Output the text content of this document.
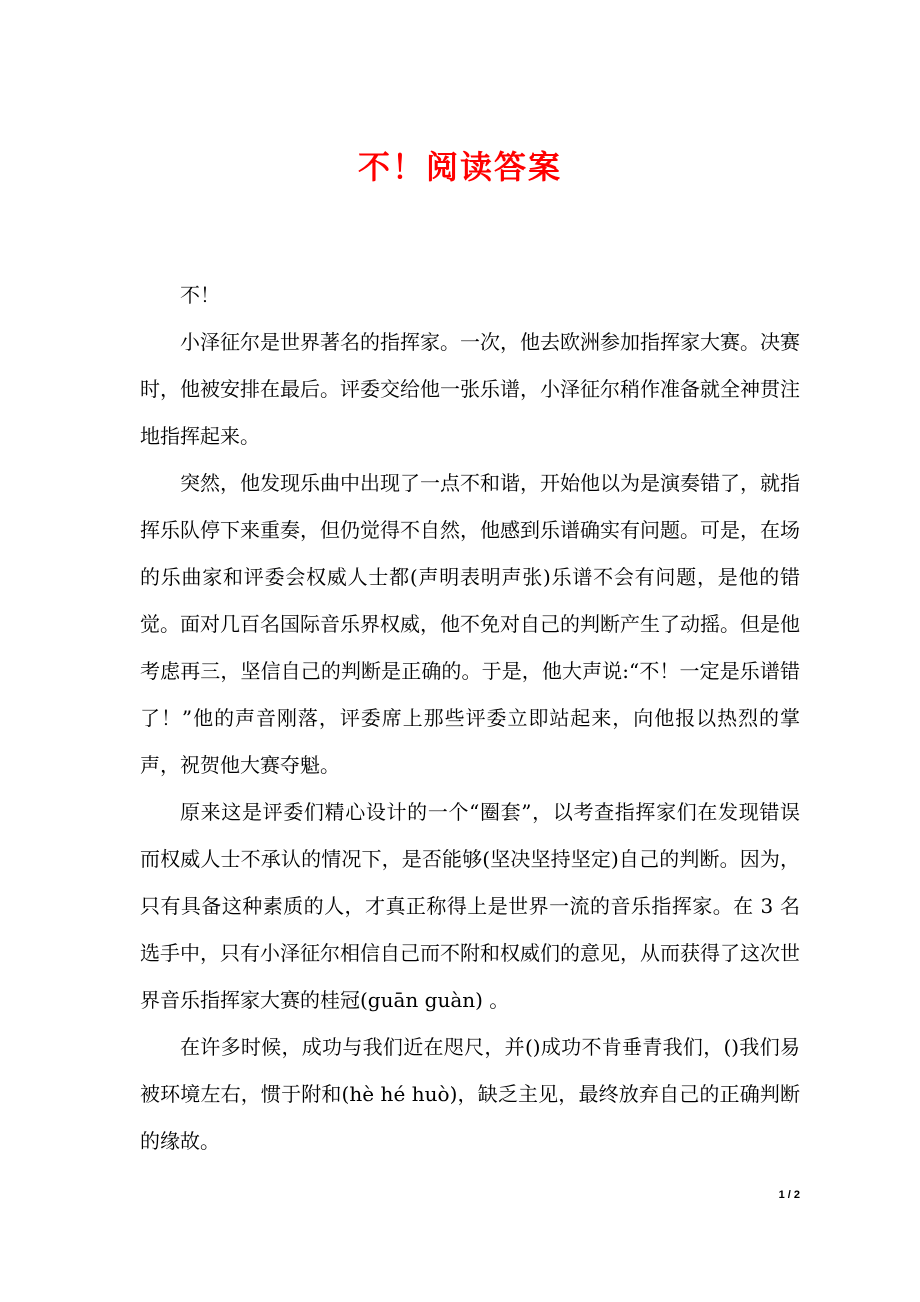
不！阅读答案

不！

小泽征尔是世界著名的指挥家。一次，他去欧洲参加指挥家大赛。决赛时，他被安排在最后。评委交给他一张乐谱，小泽征尔稍作准备就全神贯注地指挥起来。

突然，他发现乐曲中出现了一点不和谐，开始他以为是演奏错了，就指挥乐队停下来重奏，但仍觉得不自然，他感到乐谱确实有问题。可是，在场的乐曲家和评委会权威人士都(声明表明声张)乐谱不会有问题，是他的错觉。面对几百名国际音乐界权威，他不免对自己的判断产生了动摇。但是他考虑再三，坚信自己的判断是正确的。于是，他大声说:“不！一定是乐谱错了！”他的声音刚落，评委席上那些评委立即站起来，向他报以热烈的掌声，祝贺他大赛夺魁。

原来这是评委们精心设计的一个“圈套”，以考查指挥家们在发现错误而权威人士不承认的情况下，是否能够(坚决坚持坚定)自己的判断。因为，只有具备这种素质的人，才真正称得上是世界一流的音乐指挥家。在 3 名选手中，只有小泽征尔相信自己而不附和权威们的意见，从而获得了这次世界音乐指挥家大赛的桂冠(guān guàn) 。

在许多时候，成功与我们近在咫尺，并()成功不肯垂青我们，()我们易被环境左右，惯于附和(hè hé huò)，缺乏主见，最终放弃自己的正确判断的缘故。

1 / 2
